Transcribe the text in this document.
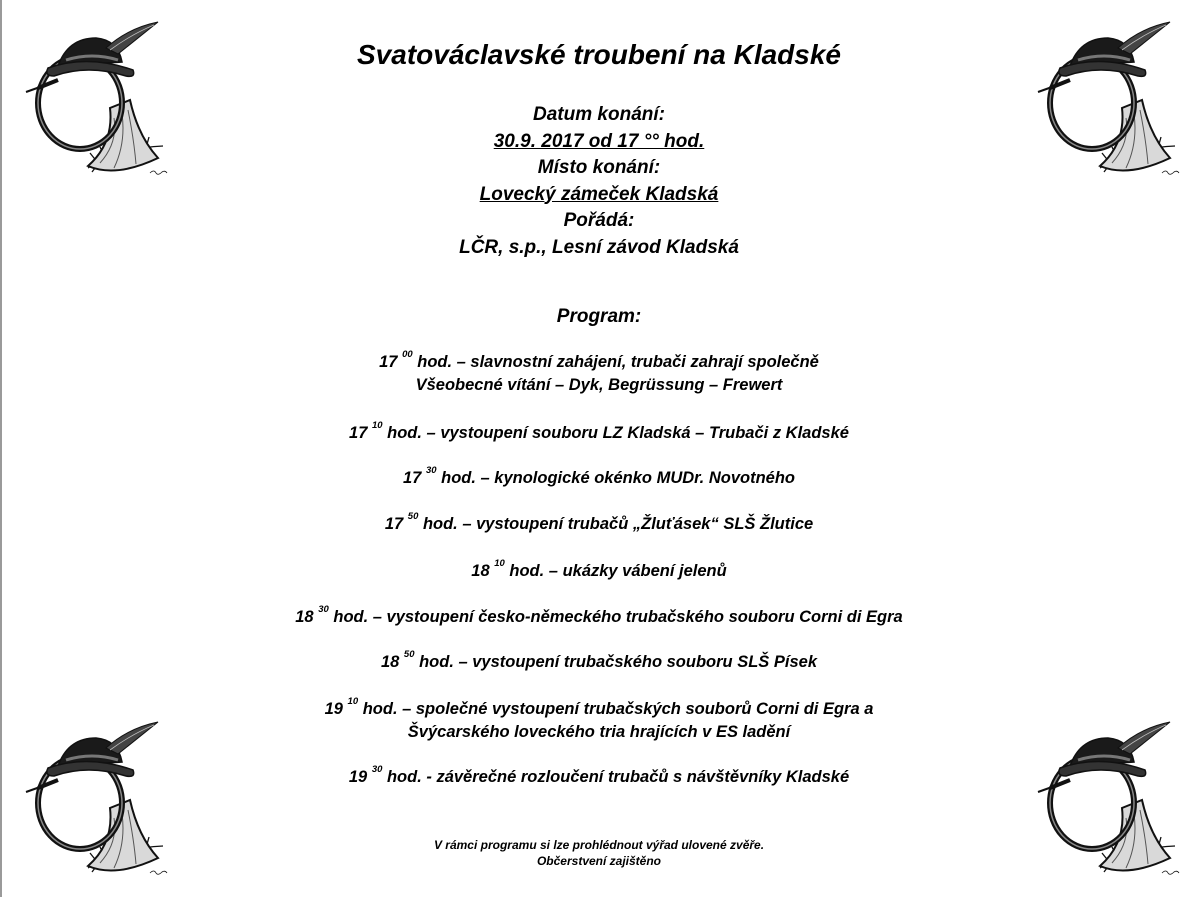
Svatováclavské troubení na Kladské
Datum konání:
30.9. 2017 od 17 °° hod.
Místo konání:
Lovecký zámeček Kladská
Pořádá:
LČR, s.p., Lesní závod Kladská
Program:
17 $^{00}$ hod. – slavnostní zahájení, trubači zahrají společně
Všeobecné vítání – Dyk, Begrüssung – Frewert
17 $^{10}$ hod. – vystoupení souboru LZ Kladská – Trubači z Kladské
17 $^{30}$ hod. – kynologické okénko MUDr. Novotného
17 $^{50}$ hod. – vystoupení trubačů „Žluťásek“ SLŠ Žlutice
18 $^{10}$ hod. – ukázky vábení jelenů
18 $^{30}$ hod. – vystoupení česko-německého trubačského souboru Corni di Egra
18 $^{50}$ hod. – vystoupení trubačského souboru SLŠ Písek
19 $^{10}$ hod. – společné vystoupení trubačských souborů Corni di Egra a
Švýcarského loveckého tria hrajících v ES ladění
19 $^{30}$ hod. - závěrečné rozloučení trubačů s návštěvníky Kladské
V rámci programu si lze prohlédnout výřad ulovené zvěře.
Občerstvení zajištěno
